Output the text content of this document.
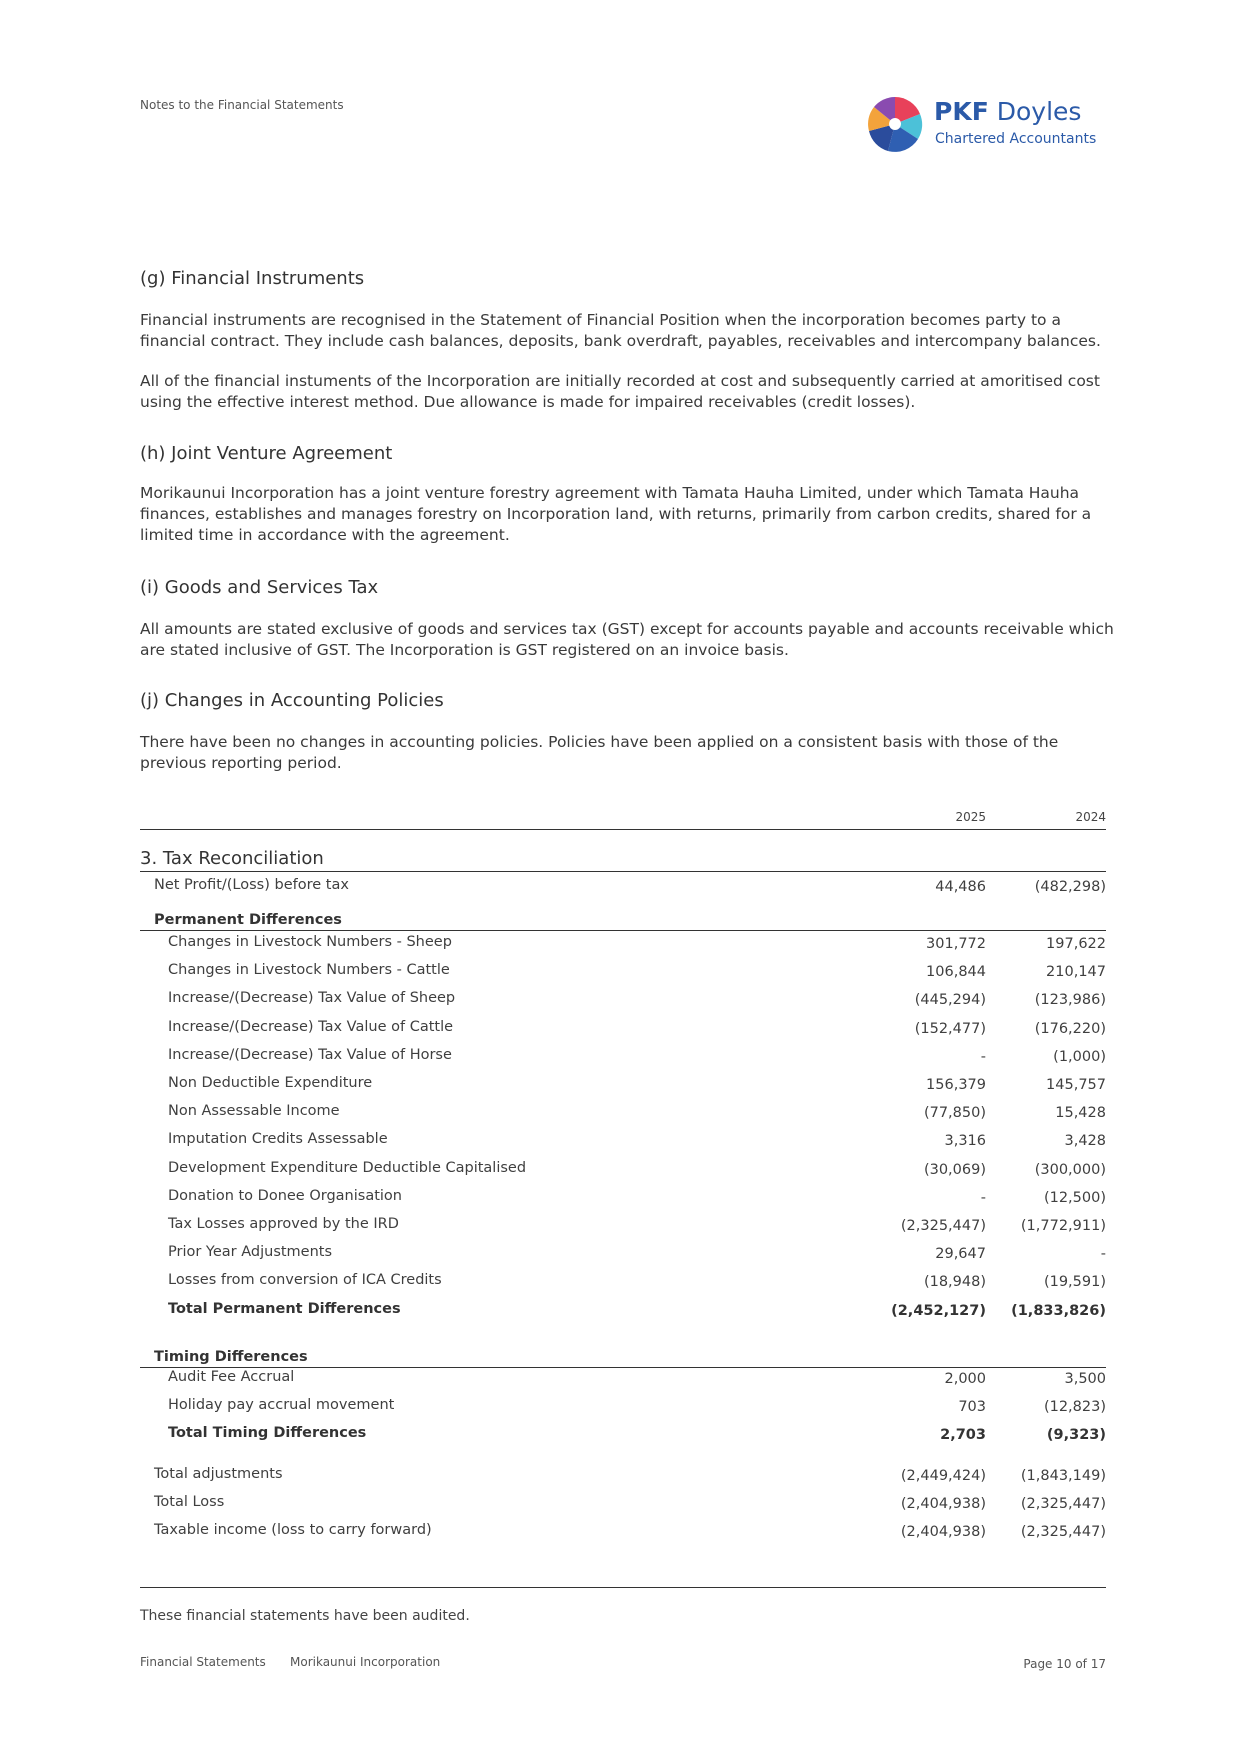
Notes to the Financial Statements	PKF Doyles
Chartered Accountants
(g) Financial Instruments
Financial instruments are recognised in the Statement of Financial Position when the incorporation becomes party to a financial contract. They include cash balances, deposits, bank overdraft, payables, receivables and intercompany balances.
All of the financial instuments of the Incorporation are initially recorded at cost and subsequently carried at amoritised cost using the effective interest method. Due allowance is made for impaired receivables (credit losses).
(h) Joint Venture Agreement
Morikaunui Incorporation has a joint venture forestry agreement with Tamata Hauha Limited, under which Tamata Hauha finances, establishes and manages forestry on Incorporation land, with returns, primarily from carbon credits, shared for a limited time in accordance with the agreement.
(i) Goods and Services Tax
All amounts are stated exclusive of goods and services tax (GST) except for accounts payable and accounts receivable which are stated inclusive of GST. The Incorporation is GST registered on an invoice basis.
(j) Changes in Accounting Policies
There have been no changes in accounting policies. Policies have been applied on a consistent basis with those of the previous reporting period.
2025	2024
3. Tax Reconciliation
Net Profit/(Loss) before tax	44,486	(482,298)
Permanent Differences
Changes in Livestock Numbers - Sheep	301,772	197,622
Changes in Livestock Numbers - Cattle	106,844	210,147
Increase/(Decrease) Tax Value of Sheep	(445,294)	(123,986)
Increase/(Decrease) Tax Value of Cattle	(152,477)	(176,220)
Increase/(Decrease) Tax Value of Horse	-	(1,000)
Non Deductible Expenditure	156,379	145,757
Non Assessable Income	(77,850)	15,428
Imputation Credits Assessable	3,316	3,428
Development Expenditure Deductible Capitalised	(30,069)	(300,000)
Donation to Donee Organisation	-	(12,500)
Tax Losses approved by the IRD	(2,325,447) (1,772,911)
Prior Year Adjustments	29,647	-
Losses from conversion of ICA Credits	(18,948)	(19,591)
Total Permanent Differences	(2,452,127) (1,833,826)
Timing Differences
Audit Fee Accrual	2,000	3,500
Holiday pay accrual movement	703	(12,823)
Total Timing Differences	2,703	(9,323)
Total adjustments	(2,449,424) (1,843,149)
Total Loss	(2,404,938) (2,325,447)
Taxable income (loss to carry forward)	(2,404,938) (2,325,447)
These financial statements have been audited.
Financial Statements Morikaunui Incorporation	Page 10 of 17
